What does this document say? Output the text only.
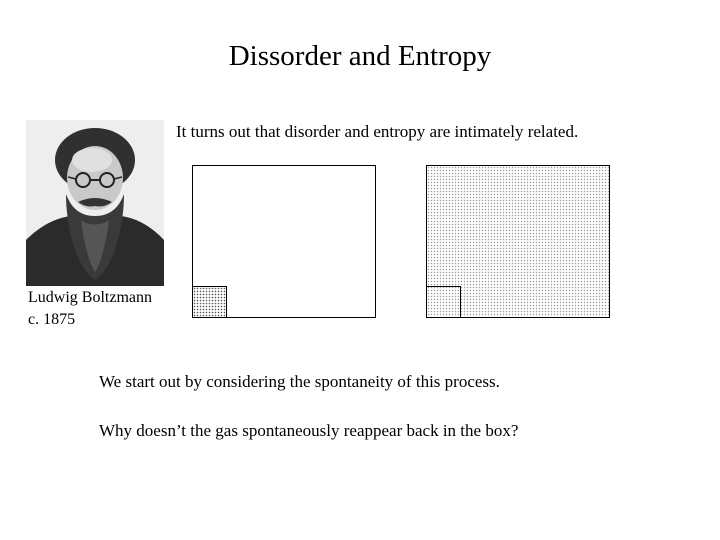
Dissorder and Entropy
It turns out that disorder and entropy are intimately related.
Ludwig Boltzmann
c. 1875
We start out by considering the spontaneity of this process.
Why doesn’t the gas spontaneously reappear back in the box?
